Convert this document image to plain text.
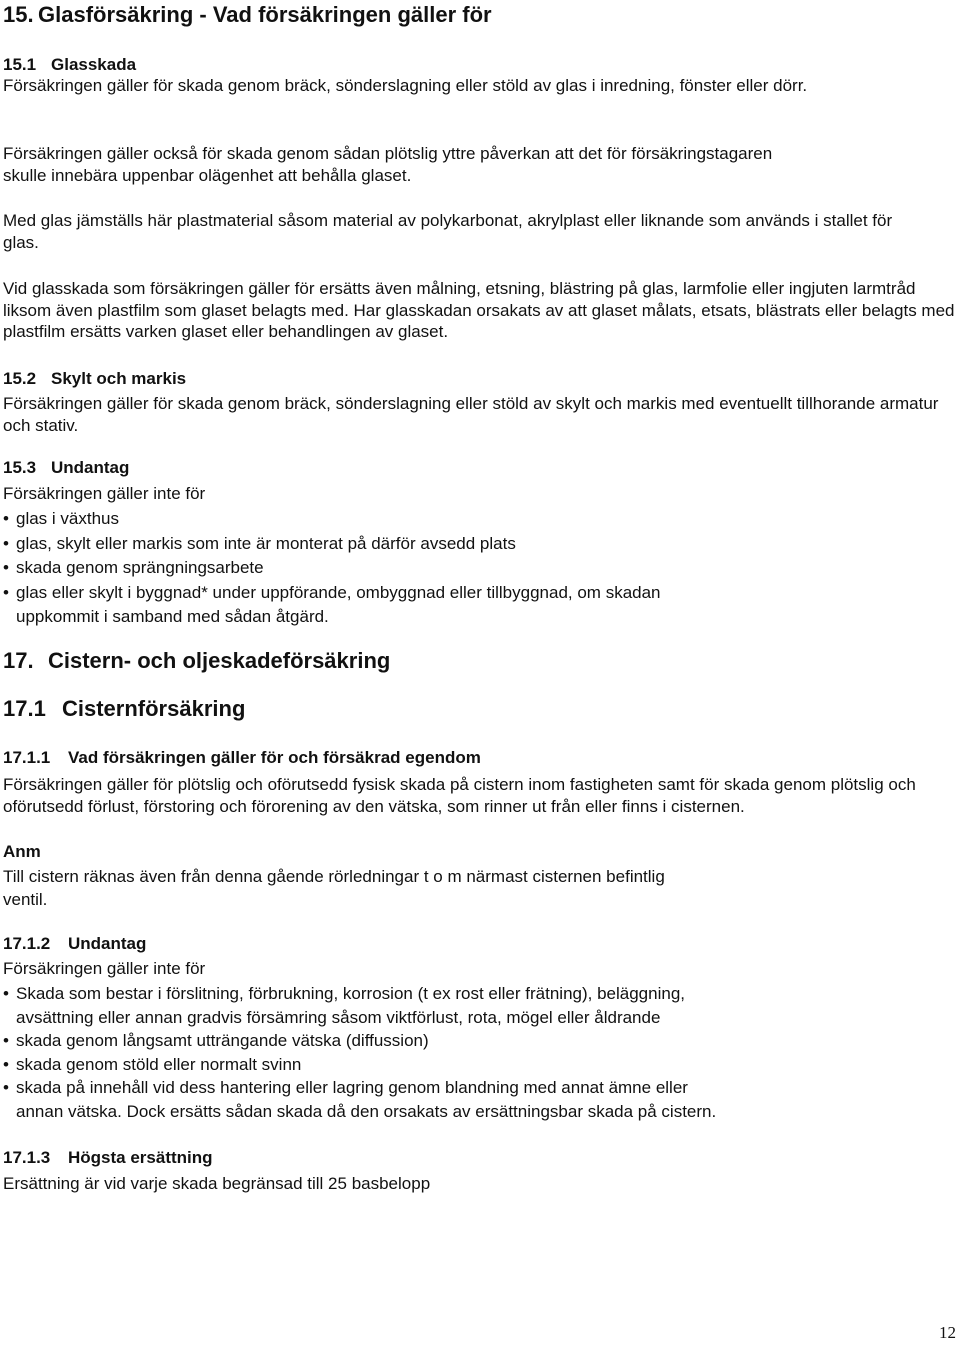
15. Glasförsäkring - Vad försäkringen gäller för
15.1 Glasskada
Försäkringen gäller för skada genom bräck, sönderslagning eller stöld av glas i inredning, fönster eller dörr.
Försäkringen gäller också för skada genom sådan plötslig yttre påverkan att det för försäkringstagaren skulle innebära uppenbar olägenhet att behålla glaset.
Med glas jämställs här plastmaterial såsom material av polykarbonat, akrylplast eller liknande som används i stallet för glas.
Vid glasskada som försäkringen gäller för ersätts även målning, etsning, blästring på glas, larmfolie eller ingjuten larmtråd liksom även plastfilm som glaset belagts med. Har glasskadan orsakats av att glaset målats, etsats, blästrats eller belagts med plastfilm ersätts varken glaset eller behandlingen av glaset.
15.2 Skylt och markis
Försäkringen gäller för skada genom bräck, sönderslagning eller stöld av skylt och markis med eventuellt tillhorande armatur och stativ.
15.3 Undantag
Försäkringen gäller inte för
• glas i växthus
• glas, skylt eller markis som inte är monterat på därför avsedd plats
• skada genom sprängningsarbete
• glas eller skylt i byggnad* under uppförande, ombyggnad eller tillbyggnad, om skadan
uppkommit i samband med sådan åtgärd.
17. Cistern- och oljeskadeförsäkring
17.1 Cisternförsäkring
17.1.1 Vad försäkringen gäller för och försäkrad egendom
Försäkringen gäller för plötslig och oförutsedd fysisk skada på cistern inom fastigheten samt för skada genom plötslig och oförutsedd förlust, förstoring och förorening av den vätska, som rinner ut från eller finns i cisternen.
Anm
Till cistern räknas även från denna gående rörledningar t o m närmast cisternen befintlig
ventil.
17.1.2 Undantag
Försäkringen gäller inte för
• Skada som bestar i förslitning, förbrukning, korrosion (t ex rost eller frätning), beläggning,
avsättning eller annan gradvis försämring såsom viktförlust, rota, mögel eller åldrande
• skada genom långsamt utträngande vätska (diffussion)
• skada genom stöld eller normalt svinn
• skada på innehåll vid dess hantering eller lagring genom blandning med annat ämne eller
annan vätska. Dock ersätts sådan skada då den orsakats av ersättningsbar skada på cistern.
17.1.3 Högsta ersättning
Ersättning är vid varje skada begränsad till 25 basbelopp
12
